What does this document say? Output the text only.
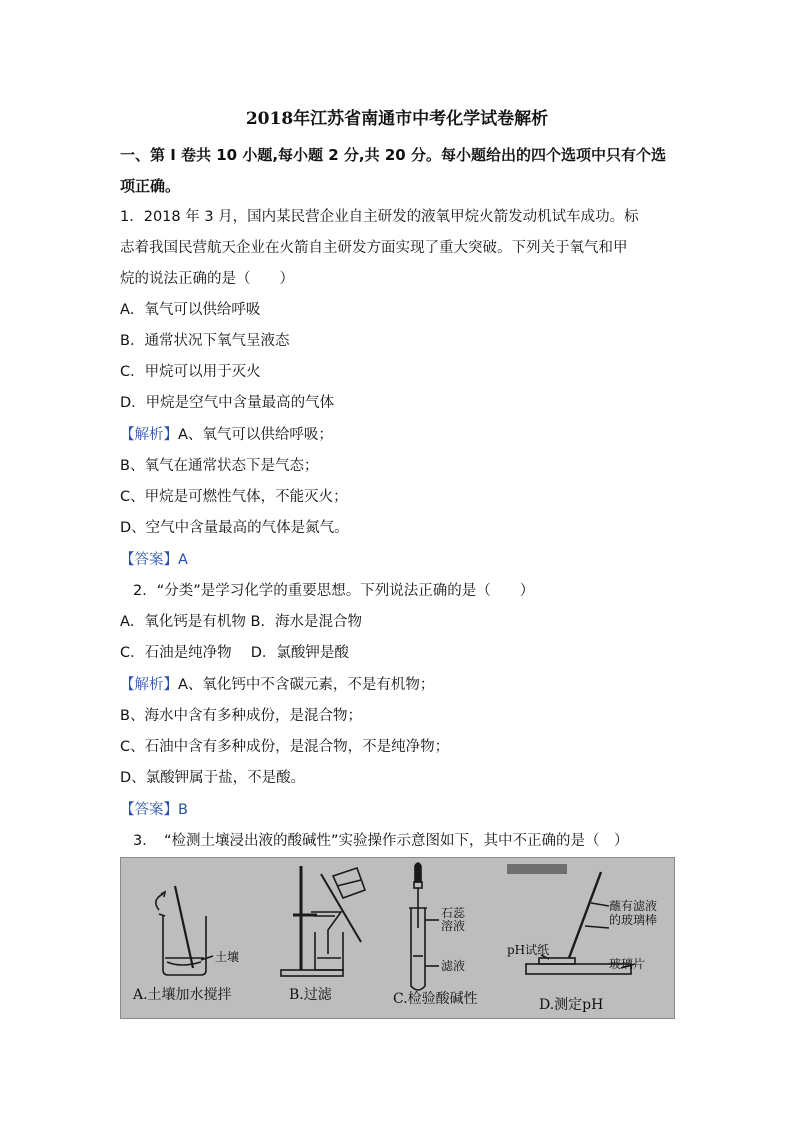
2018年江苏省南通市中考化学试卷解析
一、第 I 卷共 10 小题,每小题 2 分,共 20 分。每小题给出的四个选项中只有个选
项正确。
1．2018 年 3 月，国内某民营企业自主研发的液氧甲烷火箭发动机试车成功。标
志着我国民营航天企业在火箭自主研发方面实现了重大突破。下列关于氧气和甲
烷的说法正确的是（　　）
A．氧气可以供给呼吸
B．通常状况下氧气呈液态
C．甲烷可以用于灭火
D．甲烷是空气中含量最高的气体
【解析】A、氧气可以供给呼吸；
B、氧气在通常状态下是气态；
C、甲烷是可燃性气体，不能灭火；
D、空气中含量最高的气体是氮气。
【答案】A
2．“分类”是学习化学的重要思想。下列说法正确的是（　　）
A．氧化钙是有机物 B．海水是混合物
C．石油是纯净物　 D．氯酸钾是酸
【解析】A、氧化钙中不含碳元素，不是有机物；
B、海水中含有多种成份，是混合物；
C、石油中含有多种成份，是混合物，不是纯净物；
D、氯酸钾属于盐，不是酸。
【答案】B
3．　“检测土壤浸出液的酸碱性”实验操作示意图如下，其中不正确的是（　）
土壤
石蕊
溶液
滤液
pH试纸
蘸有滤液
的玻璃棒
玻璃片
A.土壤加水搅拌	B.过滤	C.检验酸碱性	D.测定pH
